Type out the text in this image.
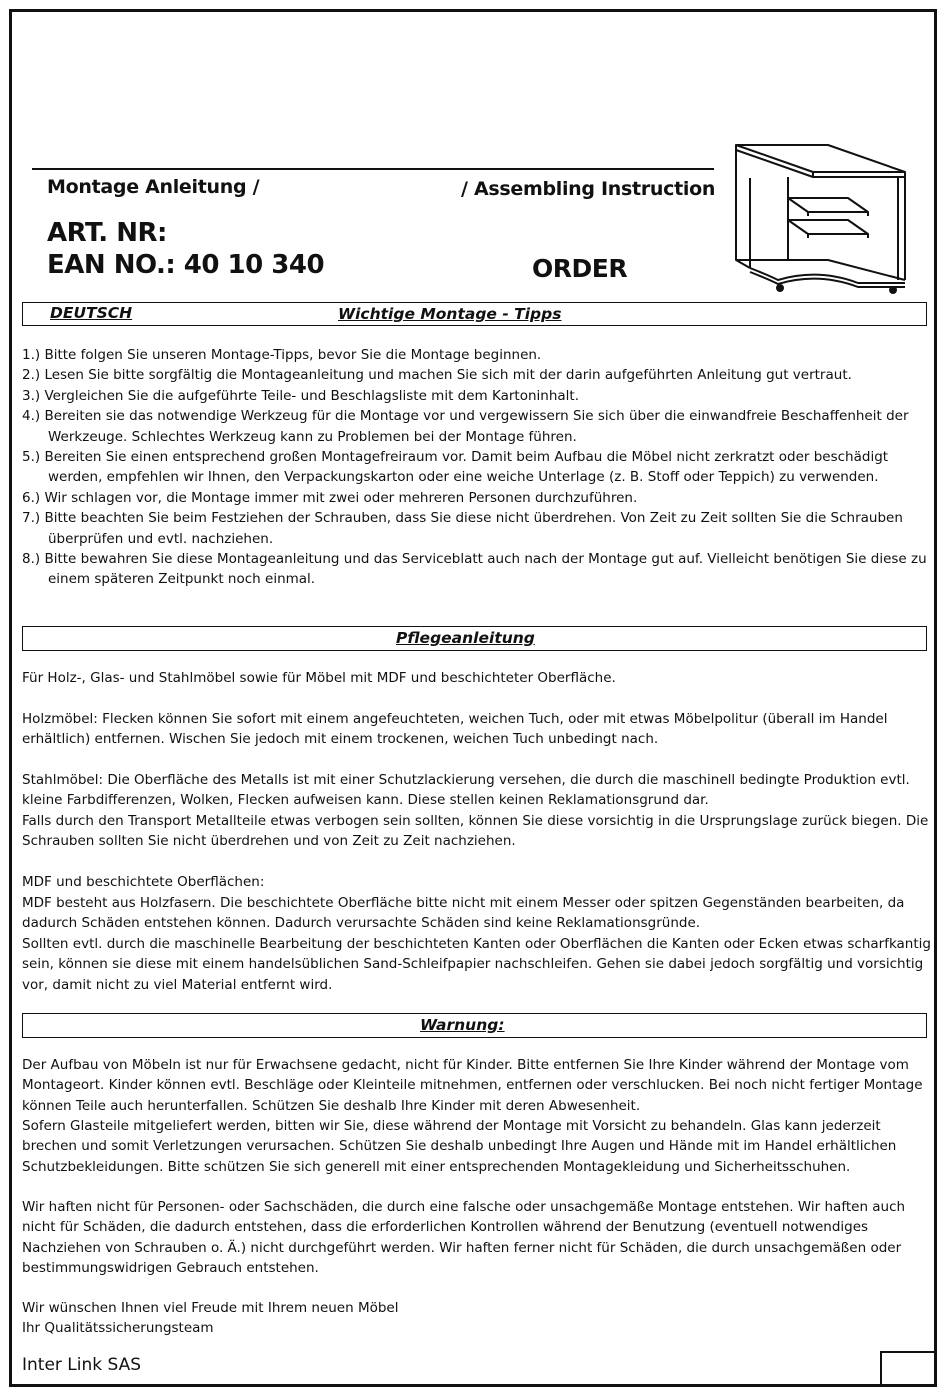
Montage Anleitung /	/ Assembling Instruction
ART. NR:
EAN NO.: 40 10 340	ORDER
DEUTSCH	Wichtige Montage - Tipps
1.) Bitte folgen Sie unseren Montage-Tipps, bevor Sie die Montage beginnen.
2.) Lesen Sie bitte sorgfältig die Montageanleitung und machen Sie sich mit der darin aufgeführten Anleitung gut vertraut.
3.) Vergleichen Sie die aufgeführte Teile- und Beschlagsliste mit dem Kartoninhalt.
4.) Bereiten sie das notwendige Werkzeug für die Montage vor und vergewissern Sie sich über die einwandfreie Beschaffenheit der Werkzeuge. Schlechtes Werkzeug kann zu Problemen bei der Montage führen.
5.) Bereiten Sie einen entsprechend großen Montagefreiraum vor. Damit beim Aufbau die Möbel nicht zerkratzt oder beschädigt werden, empfehlen wir Ihnen, den Verpackungskarton oder eine weiche Unterlage (z. B. Stoff oder Teppich) zu verwenden.
6.) Wir schlagen vor, die Montage immer mit zwei oder mehreren Personen durchzuführen.
7.) Bitte beachten Sie beim Festziehen der Schrauben, dass Sie diese nicht überdrehen. Von Zeit zu Zeit sollten Sie die Schrauben überprüfen und evtl. nachziehen.
8.) Bitte bewahren Sie diese Montageanleitung und das Serviceblatt auch nach der Montage gut auf. Vielleicht benötigen Sie diese zu einem späteren Zeitpunkt noch einmal.
Pflegeanleitung

Für Holz-, Glas- und Stahlmöbel sowie für Möbel mit MDF und beschichteter Oberfläche.

Holzmöbel: Flecken können Sie sofort mit einem angefeuchteten, weichen Tuch, oder mit etwas Möbelpolitur (überall im Handel erhältlich) entfernen. Wischen Sie jedoch mit einem trockenen, weichen Tuch unbedingt nach.

Stahlmöbel: Die Oberfläche des Metalls ist mit einer Schutzlackierung versehen, die durch die maschinell bedingte Produktion evtl. kleine Farbdifferenzen, Wolken, Flecken aufweisen kann. Diese stellen keinen Reklamationsgrund dar.

Falls durch den Transport Metallteile etwas verbogen sein sollten, können Sie diese vorsichtig in die Ursprungslage zurück biegen. Die Schrauben sollten Sie nicht überdrehen und von Zeit zu Zeit nachziehen.

MDF und beschichtete Oberflächen:

MDF besteht aus Holzfasern. Die beschichtete Oberfläche bitte nicht mit einem Messer oder spitzen Gegenständen bearbeiten, da dadurch Schäden entstehen können. Dadurch verursachte Schäden sind keine Reklamationsgründe.

Sollten evtl. durch die maschinelle Bearbeitung der beschichteten Kanten oder Oberflächen die Kanten oder Ecken etwas scharfkantig sein, können sie diese mit einem handelsüblichen Sand-Schleifpapier nachschleifen. Gehen sie dabei jedoch sorgfältig und vorsichtig vor, damit nicht zu viel Material entfernt wird.

Warnung:

Der Aufbau von Möbeln ist nur für Erwachsene gedacht, nicht für Kinder. Bitte entfernen Sie Ihre Kinder während der Montage vom Montageort. Kinder können evtl. Beschläge oder Kleinteile mitnehmen, entfernen oder verschlucken. Bei noch nicht fertiger Montage können Teile auch herunterfallen. Schützen Sie deshalb Ihre Kinder mit deren Abwesenheit.

Sofern Glasteile mitgeliefert werden, bitten wir Sie, diese während der Montage mit Vorsicht zu behandeln. Glas kann jederzeit brechen und somit Verletzungen verursachen. Schützen Sie deshalb unbedingt Ihre Augen und Hände mit im Handel erhältlichen Schutzbekleidungen. Bitte schützen Sie sich generell mit einer entsprechenden Montagekleidung und Sicherheitsschuhen.

Wir haften nicht für Personen- oder Sachschäden, die durch eine falsche oder unsachgemäße Montage entstehen. Wir haften auch nicht für Schäden, die dadurch entstehen, dass die erforderlichen Kontrollen während der Benutzung (eventuell notwendiges Nachziehen von Schrauben o. Ä.) nicht durchgeführt werden. Wir haften ferner nicht für Schäden, die durch unsachgemäßen oder bestimmungswidrigen Gebrauch entstehen.

Wir wünschen Ihnen viel Freude mit Ihrem neuen Möbel

Ihr Qualitätssicherungsteam

Inter Link SAS
